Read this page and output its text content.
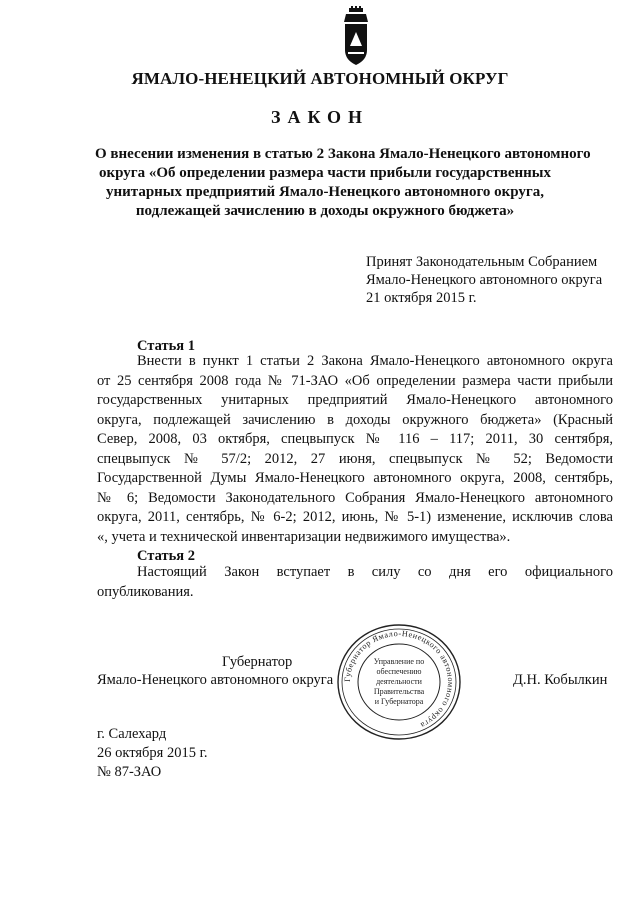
ЯМАЛО-НЕНЕЦКИЙ АВТОНОМНЫЙ ОКРУГ
ЗАКОН
О внесении изменения в статью 2 Закона Ямало-Ненецкого автономного
округа «Об определении размера части прибыли государственных
унитарных предприятий Ямало-Ненецкого автономного округа,
подлежащей зачислению в доходы окружного бюджета»
Принят Законодательным Собранием
Ямало-Ненецкого автономного округа
21 октября 2015 г.
Статья 1
Внести в пункт 1 статьи 2 Закона Ямало-Ненецкого автономного округа
от 25 сентября 2008 года № 71-ЗАО «Об определении размера части прибыли
государственных унитарных предприятий Ямало-Ненецкого автономного
округа, подлежащей зачислению в доходы окружного бюджета» (Красный
Север, 2008, 03 октября, спецвыпуск № 116 – 117; 2011, 30 сентября,
спецвыпуск № 57/2; 2012, 27 июня, спецвыпуск № 52; Ведомости
Государственной Думы Ямало-Ненецкого автономного округа, 2008, сентябрь,
№ 6; Ведомости Законодательного Собрания Ямало-Ненецкого автономного
округа, 2011, сентябрь, № 6-2; 2012, июнь, № 5-1) изменение, исключив слова
«, учета и технической инвентаризации недвижимого имущества».
Статья 2
Настоящий Закон вступает в силу со дня его официального
опубликования.
Губернатор
Ямало-Ненецкого автономного округа	Д.Н. Кобылкин
Губернатор Ямало-Ненецкого автономного округа
Управление по
обеспечению
деятельности
Правительства
и Губернатора
г. Салехард
26 октября 2015 г.
№ 87-ЗАО
